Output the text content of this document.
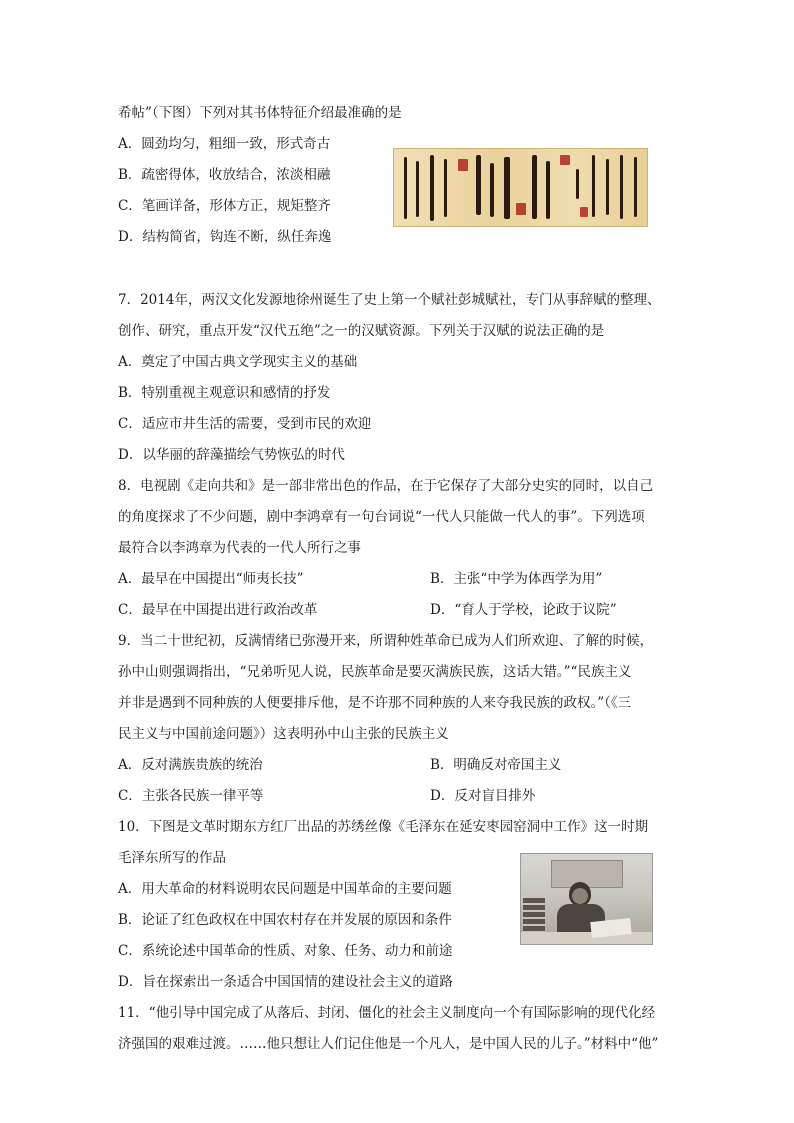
希帖”（下图）下列对其书体特征介绍最准确的是
A．圆劲均匀，粗细一致，形式奇古
B．疏密得体，收放结合，浓淡相融
C．笔画详备，形体方正，规矩整齐
D．结构简省，钩连不断，纵任奔逸
7．2014年，两汉文化发源地徐州诞生了史上第一个赋社彭城赋社，专门从事辞赋的整理、
创作、研究，重点开发“汉代五绝”之一的汉赋资源。下列关于汉赋的说法正确的是
A．奠定了中国古典文学现实主义的基础
B．特别重视主观意识和感情的抒发
C．适应市井生活的需要，受到市民的欢迎
D．以华丽的辞藻描绘气势恢弘的时代
8．电视剧《走向共和》是一部非常出色的作品，在于它保存了大部分史实的同时，以自己
的角度探求了不少问题，剧中李鸿章有一句台词说“一代人只能做一代人的事”。下列选项
最符合以李鸿章为代表的一代人所行之事
A．最早在中国提出“师夷长技”	B．主张“中学为体西学为用”
C．最早在中国提出进行政治改革	D．“育人于学校，论政于议院”
9．当二十世纪初，反满情绪已弥漫开来，所谓种姓革命已成为人们所欢迎、了解的时候，
孙中山则强调指出，“兄弟听见人说，民族革命是要灭满族民族，这话大错。”“民族主义
并非是遇到不同种族的人便要排斥他，是不许那不同种族的人来夺我民族的政权。”（《三
民主义与中国前途问题》）这表明孙中山主张的民族主义
A．反对满族贵族的统治	B．明确反对帝国主义
C．主张各民族一律平等	D．反对盲目排外
10．下图是文革时期东方红厂出品的苏绣丝像《毛泽东在延安枣园窑洞中工作》这一时期
毛泽东所写的作品
A．用大革命的材料说明农民问题是中国革命的主要问题
B．论证了红色政权在中国农村存在并发展的原因和条件
C．系统论述中国革命的性质、对象、任务、动力和前途
D．旨在探索出一条适合中国国情的建设社会主义的道路
11．“他引导中国完成了从落后、封闭、僵化的社会主义制度向一个有国际影响的现代化经
济强国的艰难过渡。……他只想让人们记住他是一个凡人，是中国人民的儿子。”材料中“他”
